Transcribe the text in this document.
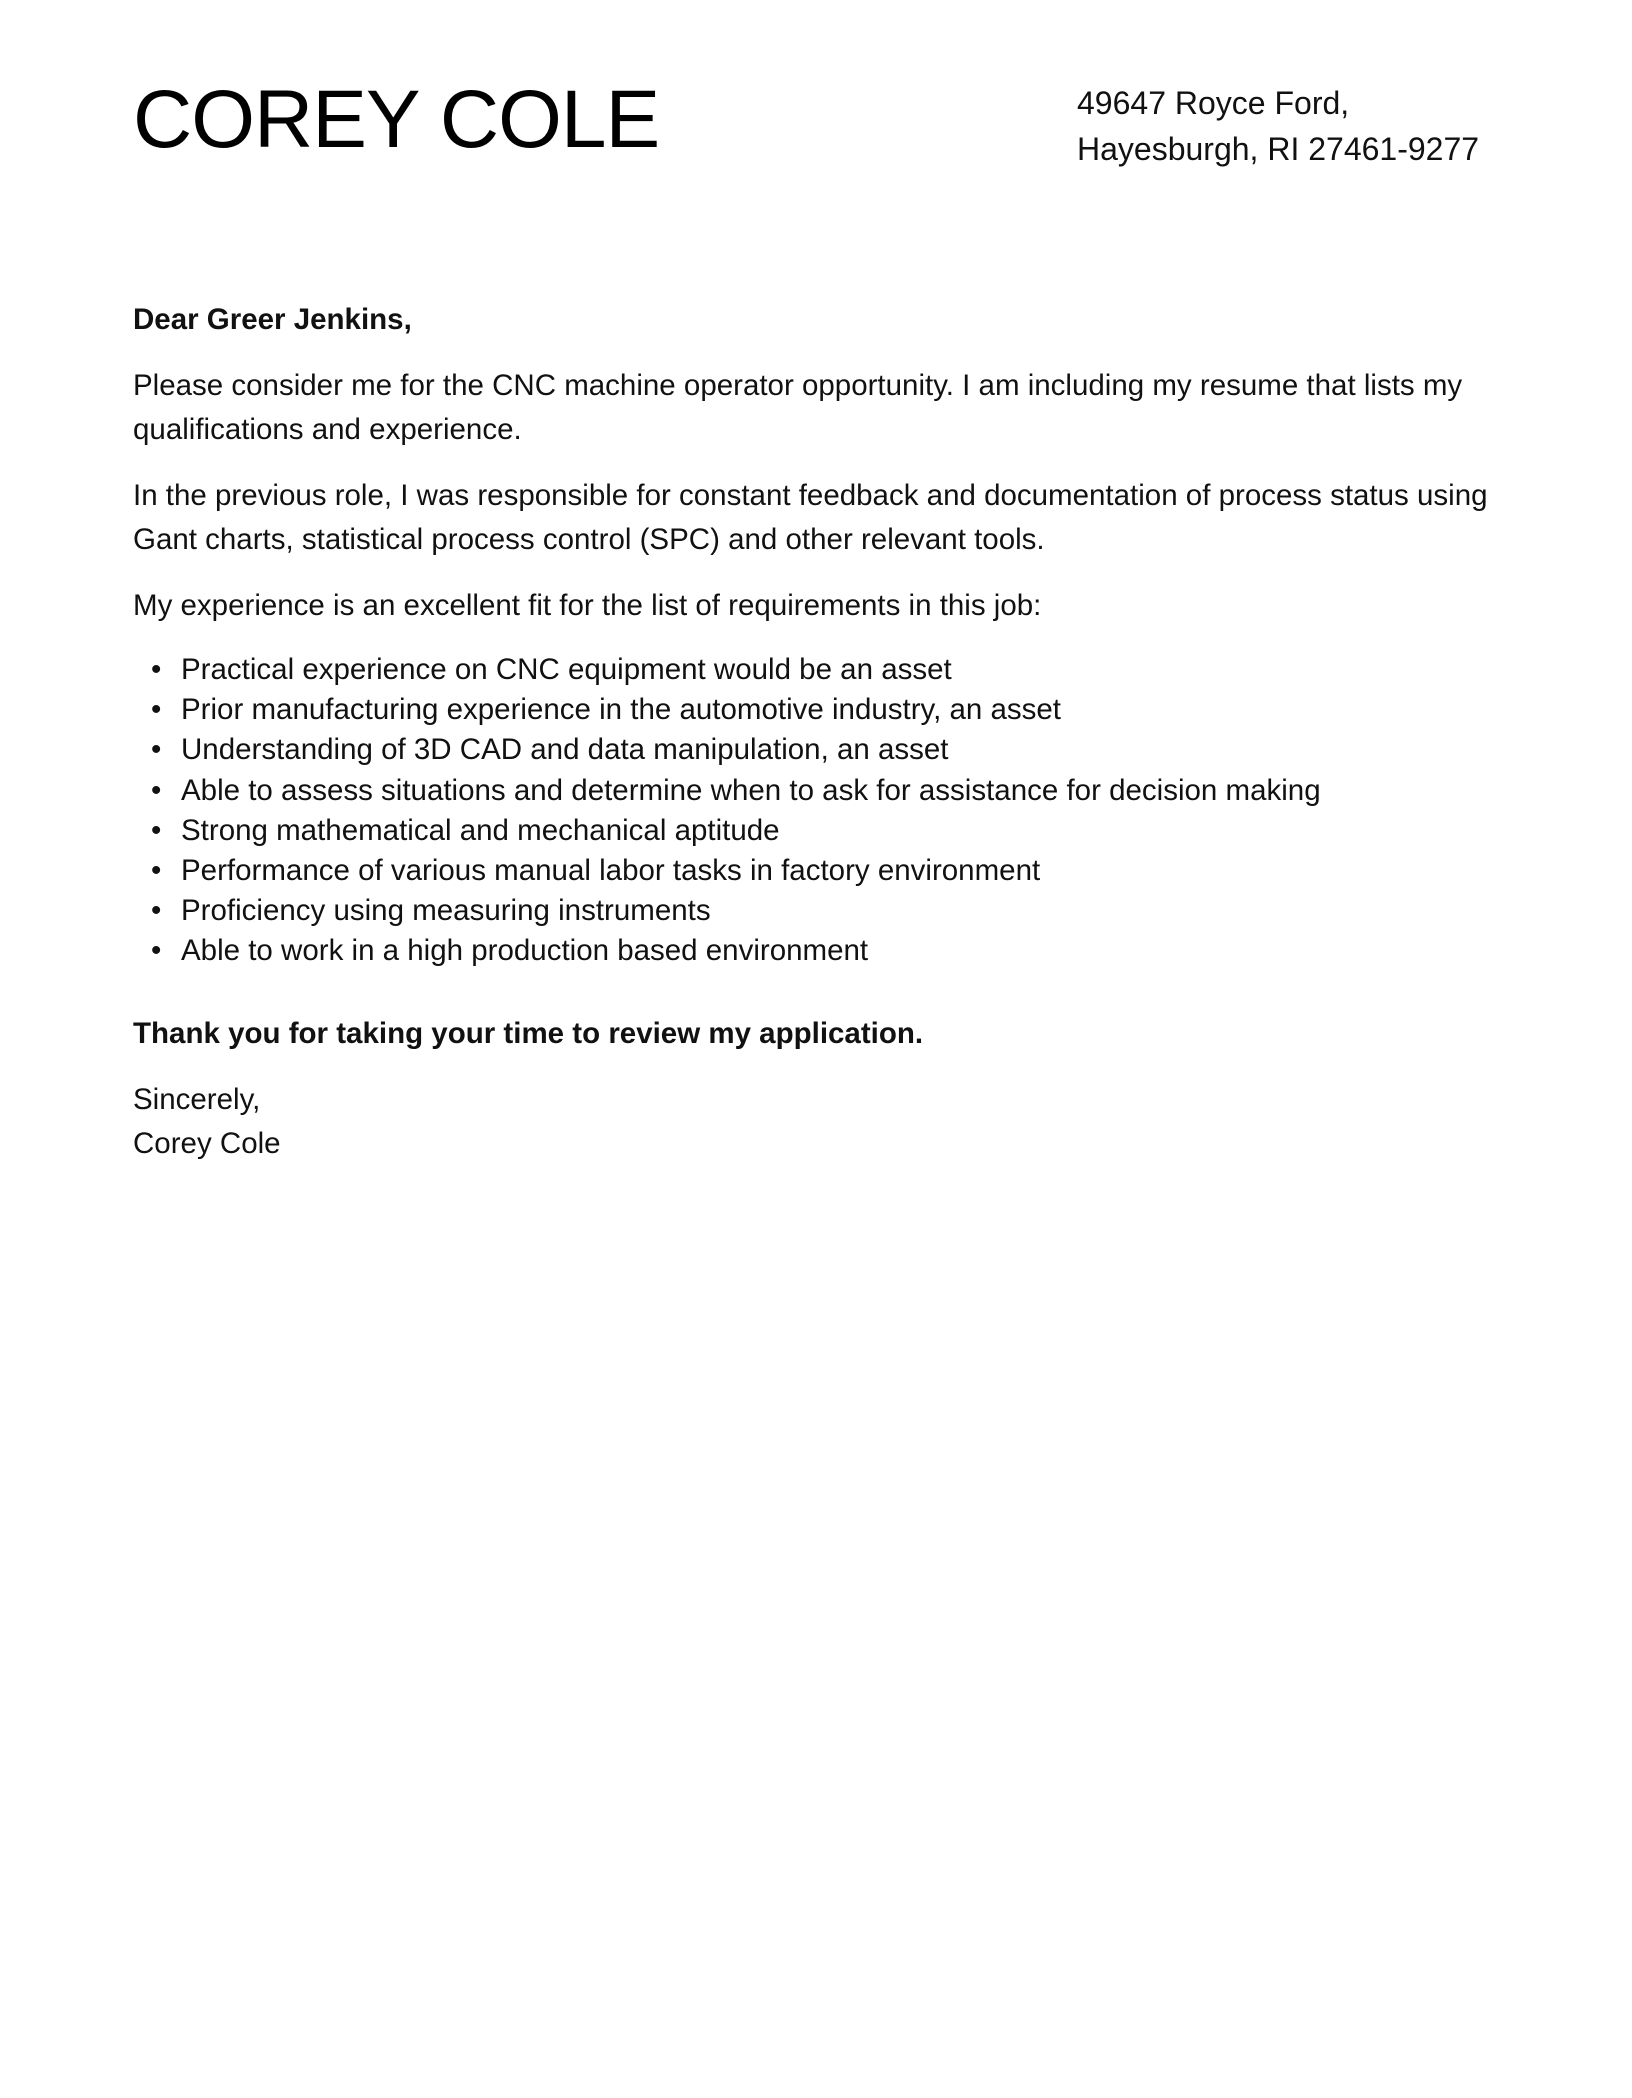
COREY COLE	49647 Royce Ford,
Hayesburgh, RI 27461-9277

Dear Greer Jenkins,

Please consider me for the CNC machine operator opportunity. I am including my resume that lists my qualifications and experience.

In the previous role, I was responsible for constant feedback and documentation of process status using Gant charts, statistical process control (SPC) and other relevant tools.

My experience is an excellent fit for the list of requirements in this job:

• Practical experience on CNC equipment would be an asset
• Prior manufacturing experience in the automotive industry, an asset
• Understanding of 3D CAD and data manipulation, an asset
• Able to assess situations and determine when to ask for assistance for decision making
• Strong mathematical and mechanical aptitude
• Performance of various manual labor tasks in factory environment
• Proficiency using measuring instruments
• Able to work in a high production based environment

Thank you for taking your time to review my application.

Sincerely,
Corey Cole
